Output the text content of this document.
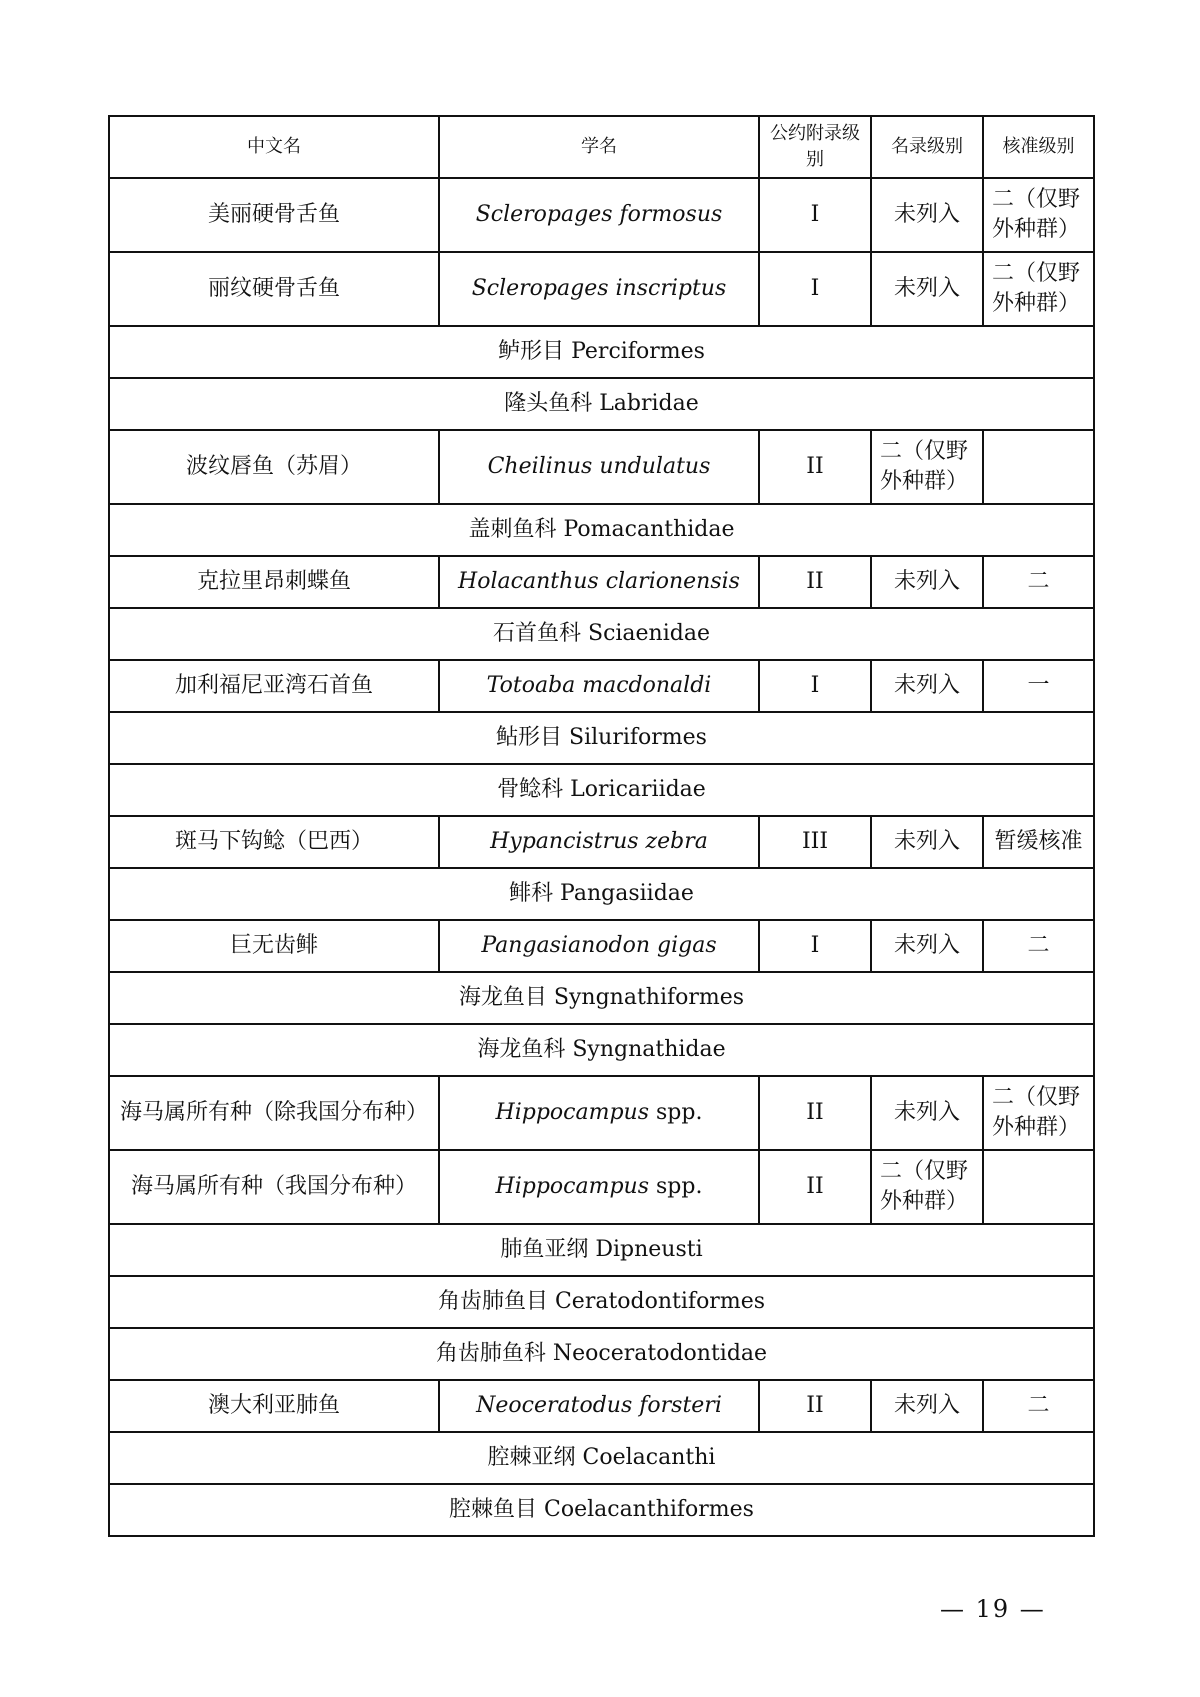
中文名	学名	公约附录级别	名录级别	核准级别
美丽硬骨舌鱼	Scleropages formosus	I	未列入	二（仅野外种群）
丽纹硬骨舌鱼	Scleropages inscriptus	I	未列入	二（仅野外种群）
鲈形目 Perciformes				
隆头鱼科 Labridae				
波纹唇鱼（苏眉）	Cheilinus undulatus	II	二（仅野外种群）	
盖刺鱼科 Pomacanthidae				
克拉里昂刺蝶鱼	Holacanthus clarionensis	II	未列入	二
石首鱼科 Sciaenidae				
加利福尼亚湾石首鱼	Totoaba macdonaldi	I	未列入	一
鲇形目 Siluriformes				
骨鲶科 Loricariidae				
斑马下钩鲶（巴西）	Hypancistrus zebra	III	未列入	暂缓核准
鲱科 Pangasiidae				
巨无齿鲱	Pangasianodon gigas	I	未列入	二
海龙鱼目 Syngnathiformes				
海龙鱼科 Syngnathidae				
海马属所有种（除我国分布种）	Hippocampus spp.	II	未列入	二（仅野外种群）
海马属所有种（我国分布种）	Hippocampus spp.	II	二（仅野外种群）	
肺鱼亚纲 Dipneusti				
角齿肺鱼目 Ceratodontiformes				
角齿肺鱼科 Neoceratodontidae				
澳大利亚肺鱼	Neoceratodus forsteri	II	未列入	二
腔棘亚纲 Coelacanthi				
腔棘鱼目 Coelacanthiformes				
— 19 —
